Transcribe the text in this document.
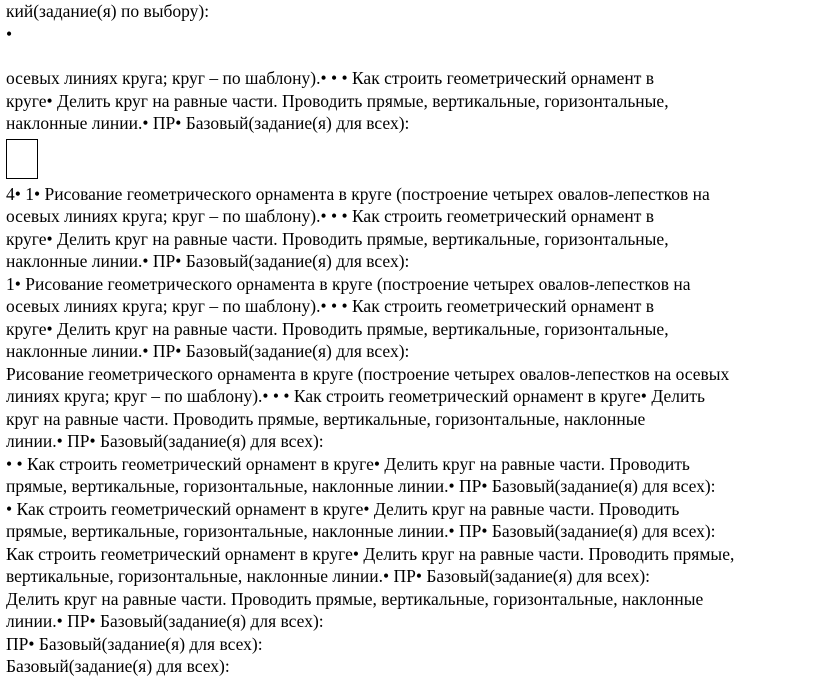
кий(задание(я) по выбору):
•
осевых линиях круга; круг – по шаблону).• • • Как строить геометрический орнамент в
круге• Делить круг на равные части. Проводить прямые, вертикальные, горизонтальные,
наклонные линии.• ПР• Базовый(задание(я) для всех):
4• 1• Рисование геометрического орнамента в круге (построение четырех овалов-лепестков на
осевых линиях круга; круг – по шаблону).• • • Как строить геометрический орнамент в
круге• Делить круг на равные части. Проводить прямые, вертикальные, горизонтальные,
наклонные линии.• ПР• Базовый(задание(я) для всех):
1• Рисование геометрического орнамента в круге (построение четырех овалов-лепестков на
осевых линиях круга; круг – по шаблону).• • • Как строить геометрический орнамент в
круге• Делить круг на равные части. Проводить прямые, вертикальные, горизонтальные,
наклонные линии.• ПР• Базовый(задание(я) для всех):
Рисование геометрического орнамента в круге (построение четырех овалов-лепестков на осевых
линиях круга; круг – по шаблону).• • • Как строить геометрический орнамент в круге• Делить
круг на равные части. Проводить прямые, вертикальные, горизонтальные, наклонные
линии.• ПР• Базовый(задание(я) для всех):
• • Как строить геометрический орнамент в круге• Делить круг на равные части. Проводить
прямые, вертикальные, горизонтальные, наклонные линии.• ПР• Базовый(задание(я) для всех):
• Как строить геометрический орнамент в круге• Делить круг на равные части. Проводить
прямые, вертикальные, горизонтальные, наклонные линии.• ПР• Базовый(задание(я) для всех):
Как строить геометрический орнамент в круге• Делить круг на равные части. Проводить прямые,
вертикальные, горизонтальные, наклонные линии.• ПР• Базовый(задание(я) для всех):
Делить круг на равные части. Проводить прямые, вертикальные, горизонтальные, наклонные
линии.• ПР• Базовый(задание(я) для всех):
ПР• Базовый(задание(я) для всех):
Базовый(задание(я) для всех):
